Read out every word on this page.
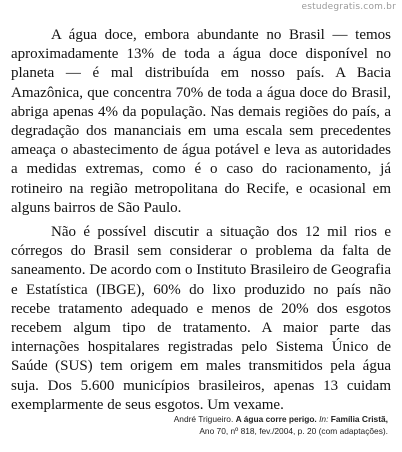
estudegratis.com.br

A água doce, embora abundante no Brasil — temos aproximadamente 13% de toda a água doce disponível no planeta — é mal distribuída em nosso país. A Bacia Amazônica, que concentra 70% de toda a água doce do Brasil, abriga apenas 4% da população. Nas demais regiões do país, a degradação dos mananciais em uma escala sem precedentes ameaça o abastecimento de água potável e leva as autoridades a medidas extremas, como é o caso do racionamento, já rotineiro na região metropolitana do Recife, e ocasional em alguns bairros de São Paulo.

Não é possível discutir a situação dos 12 mil rios e córregos do Brasil sem considerar o problema da falta de saneamento. De acordo com o Instituto Brasileiro de Geografia e Estatística (IBGE), 60% do lixo produzido no país não recebe tratamento adequado e menos de 20% dos esgotos recebem algum tipo de tratamento. A maior parte das internações hospitalares registradas pelo Sistema Único de Saúde (SUS) tem origem em males transmitidos pela água suja. Dos 5.600 municípios brasileiros, apenas 13 cuidam exemplarmente de seus esgotos. Um vexame.

André Trigueiro. A água corre perigo. In: Família Cristã,
Ano 70, nº 818, fev./2004, p. 20 (com adaptações).
